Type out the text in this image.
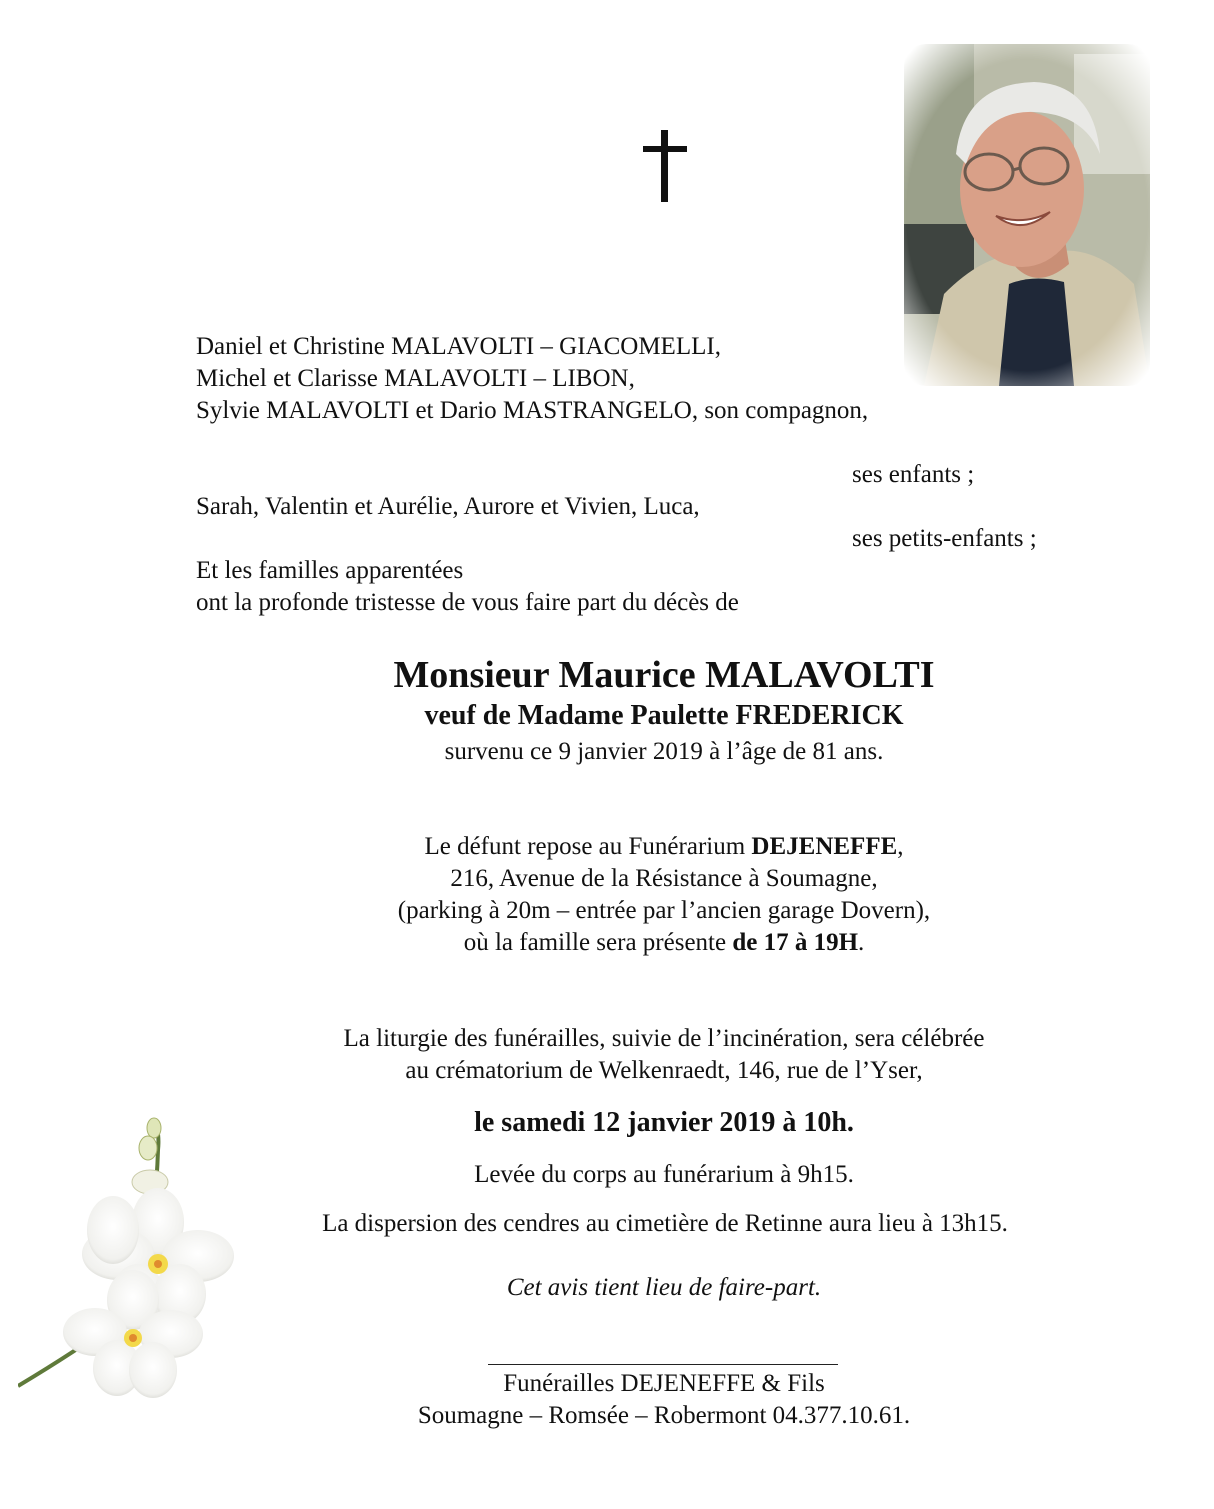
Daniel et Christine MALAVOLTI – GIACOMELLI,
Michel et Clarisse MALAVOLTI – LIBON,
Sylvie MALAVOLTI et Dario MASTRANGELO, son compagnon,
ses enfants ;
Sarah, Valentin et Aurélie, Aurore et Vivien, Luca,
ses petits-enfants ;
Et les familles apparentées
ont la profonde tristesse de vous faire part du décès de
Monsieur Maurice MALAVOLTI
veuf de Madame Paulette FREDERICK
survenu ce 9 janvier 2019 à l’âge de 81 ans.
Le défunt repose au Funérarium DEJENEFFE,
216, Avenue de la Résistance à Soumagne,
(parking à 20m – entrée par l’ancien garage Dovern),
où la famille sera présente de 17 à 19H.
La liturgie des funérailles, suivie de l’incinération, sera célébrée
au crématorium de Welkenraedt, 146, rue de l’Yser,
le samedi 12 janvier 2019 à 10h.
Levée du corps au funérarium à 9h15.
La dispersion des cendres au cimetière de Retinne aura lieu à 13h15.
Cet avis tient lieu de faire-part.
Funérailles DEJENEFFE & Fils
Soumagne – Romsée – Robermont 04.377.10.61.
